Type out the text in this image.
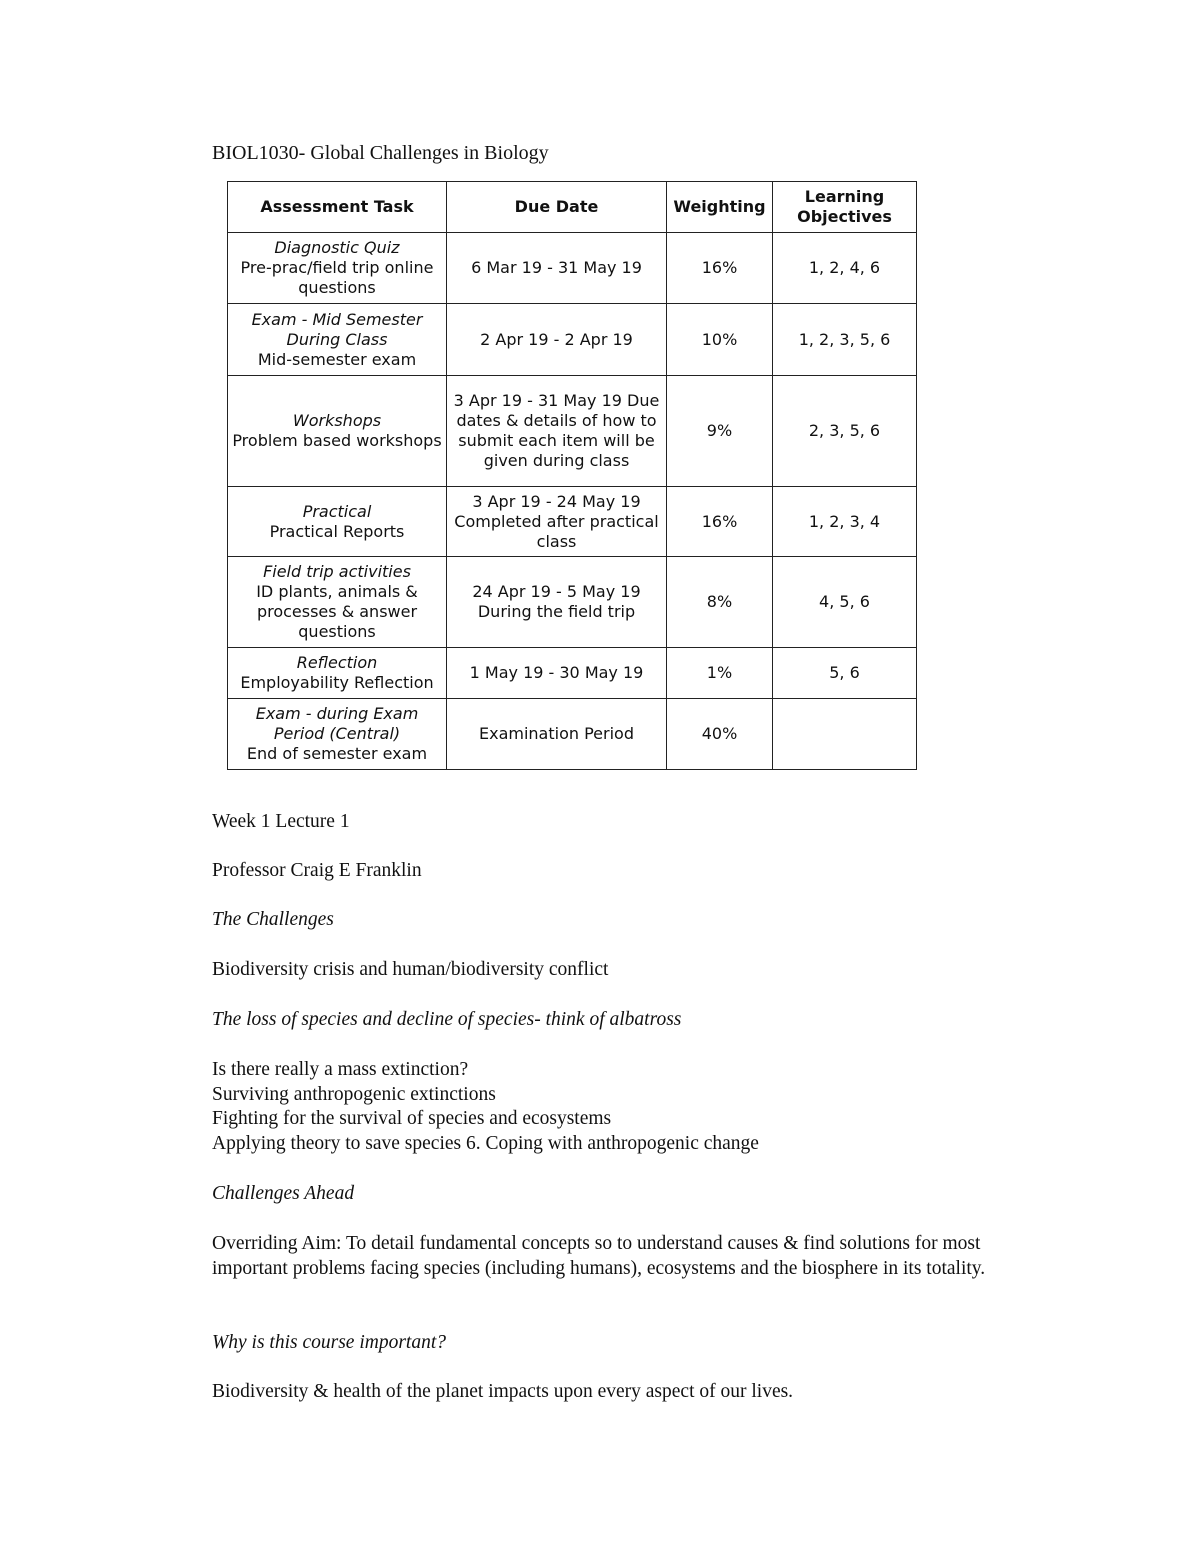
BIOL1030- Global Challenges in Biology
Assessment Task	Due Date	Weighting	Learning Objectives

Diagnostic Quiz
Pre-prac/field trip online questions	6 Mar 19 - 31 May 19	16%	1, 2, 4, 6

Exam - Mid Semester During Class
Mid-semester exam	2 Apr 19 - 2 Apr 19	10%	1, 2, 3, 5, 6

Workshops
Problem based workshops	3 Apr 19 - 31 May 19 Due dates & details of how to submit each item will be given during class	9%	2, 3, 5, 6

Practical
Practical Reports	3 Apr 19 - 24 May 19 Completed after practical class	16%	1, 2, 3, 4

Field trip activities
ID plants, animals & processes & answer questions	24 Apr 19 - 5 May 19 During the field trip	8%	4, 5, 6

Reflection
Employability Reflection	1 May 19 - 30 May 19	1%	5, 6

Exam - during Exam Period (Central)
End of semester exam	Examination Period	40%	
Week 1 Lecture 1
Professor Craig E Franklin
The Challenges
Biodiversity crisis and human/biodiversity conflict
The loss of species and decline of species- think of albatross

Is there really a mass extinction?

Surviving anthropogenic extinctions

Fighting for the survival of species and ecosystems

Applying theory to save species 6. Coping with anthropogenic change

Challenges Ahead
Overriding Aim: To detail fundamental concepts so to understand causes & find solutions for most important problems facing species (including humans), ecosystems and the biosphere in its totality.
Why is this course important?
Biodiversity & health of the planet impacts upon every aspect of our lives.
